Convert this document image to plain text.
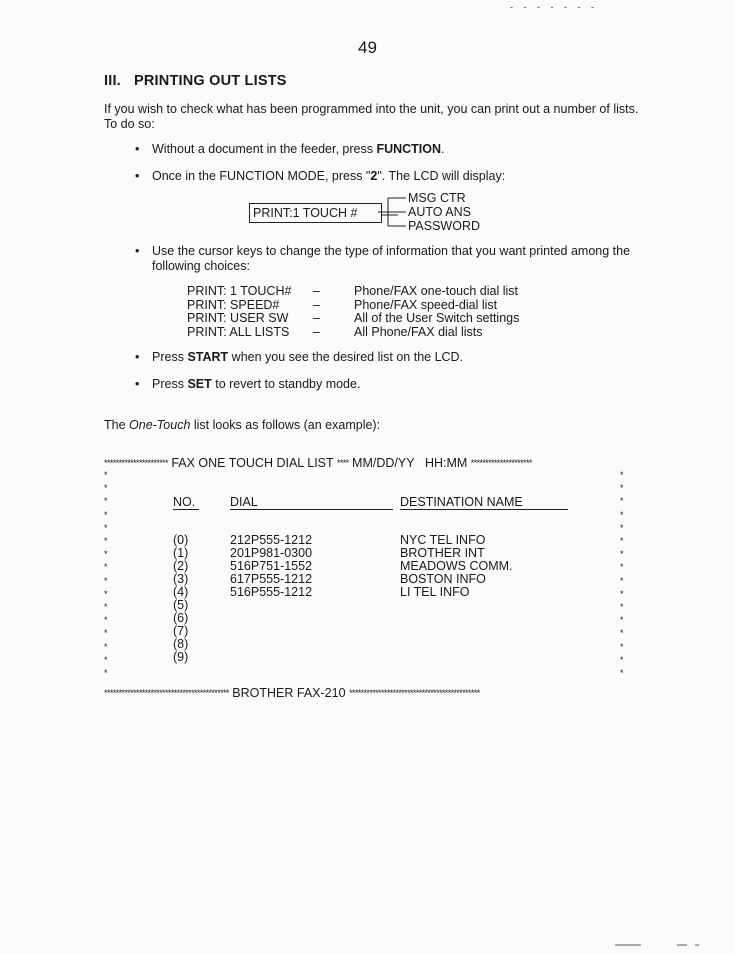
- - - - - - -
49
III. PRINTING OUT LISTS
If you wish to check what has been programmed into the unit, you can print out a number of lists. To do so:
• Without a document in the feeder, press FUNCTION.
• Once in the FUNCTION MODE, press "2". The LCD will display:
PRINT:1 TOUCH #
MSG CTR
AUTO ANS
PASSWORD
• Use the cursor keys to change the type of information that you want printed among the following choices:
PRINT: 1 TOUCH#	–	Phone/FAX one-touch dial list
PRINT: SPEED#	–	Phone/FAX speed-dial list
PRINT: USER SW	–	All of the User Switch settings
PRINT: ALL LISTS	–	All Phone/FAX dial lists
• Press START when you see the desired list on the LCD.
• Press SET to revert to standby mode.
The One-Touch list looks as follows (an example):
********************** FAX ONE TOUCH DIAL LIST **** MM/DD/YY HH:MM *********************
*	*
*	*
*	*
*	*
*	*
*	*
*	*
*	*
*	*
*	*
*	*
*	*
*	*
*	*
*	*
*	*
NO.	DIAL	DESTINATION NAME
(0)	212P555-1212	NYC TEL INFO
(1)	201P981-0300	BROTHER INT
(2)	516P751-1552	MEADOWS COMM.
(3)	617P555-1212	BOSTON INFO
(4)	516P555-1212	LI TEL INFO
(5)
(6)
(7)
(8)
(9)
******************************************* BROTHER FAX-210 *********************************************
